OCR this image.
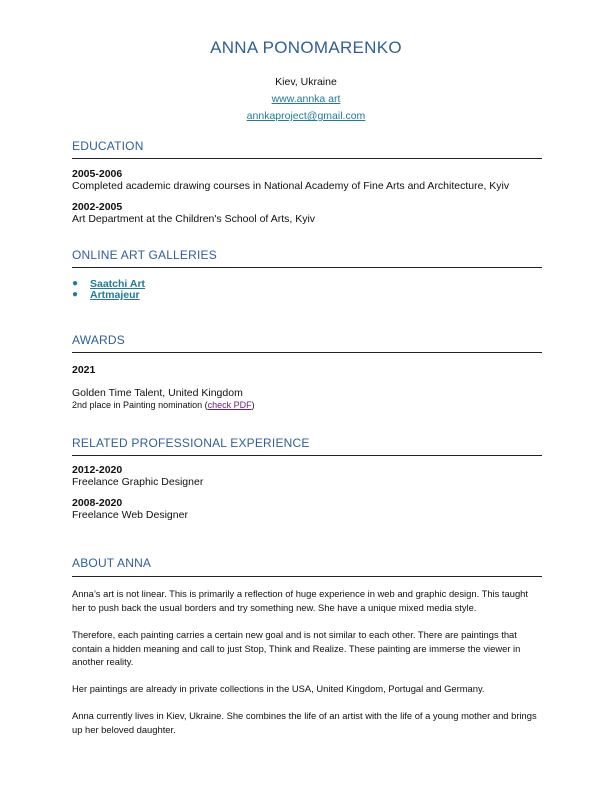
ANNA PONOMARENKO
Kiev, Ukraine
www.annka art
annkaproject@gmail.com
EDUCATION
2005-2006
Completed academic drawing courses in National Academy of Fine Arts and Architecture, Kyiv
2002-2005
Art Department at the Children's School of Arts, Kyiv
ONLINE ART GALLERIES
● Saatchi Art
● Artmajeur
AWARDS
2021
Golden Time Talent, United Kingdom
2nd place in Painting nomination (check PDF)
RELATED PROFESSIONAL EXPERIENCE
2012-2020
Freelance Graphic Designer
2008-2020
Freelance Web Designer
ABOUT ANNA
Anna’s art is not linear. This is primarily a reflection of huge experience in web and graphic design. This taught her to push back the usual borders and try something new. She have a unique mixed media style.
Therefore, each painting carries a certain new goal and is not similar to each other. There are paintings that contain a hidden meaning and call to just Stop, Think and Realize. These painting are immerse the viewer in another reality.
Her paintings are already in private collections in the USA, United Kingdom, Portugal and Germany.
Anna currently lives in Kiev, Ukraine. She combines the life of an artist with the life of a young mother and brings up her beloved daughter.
